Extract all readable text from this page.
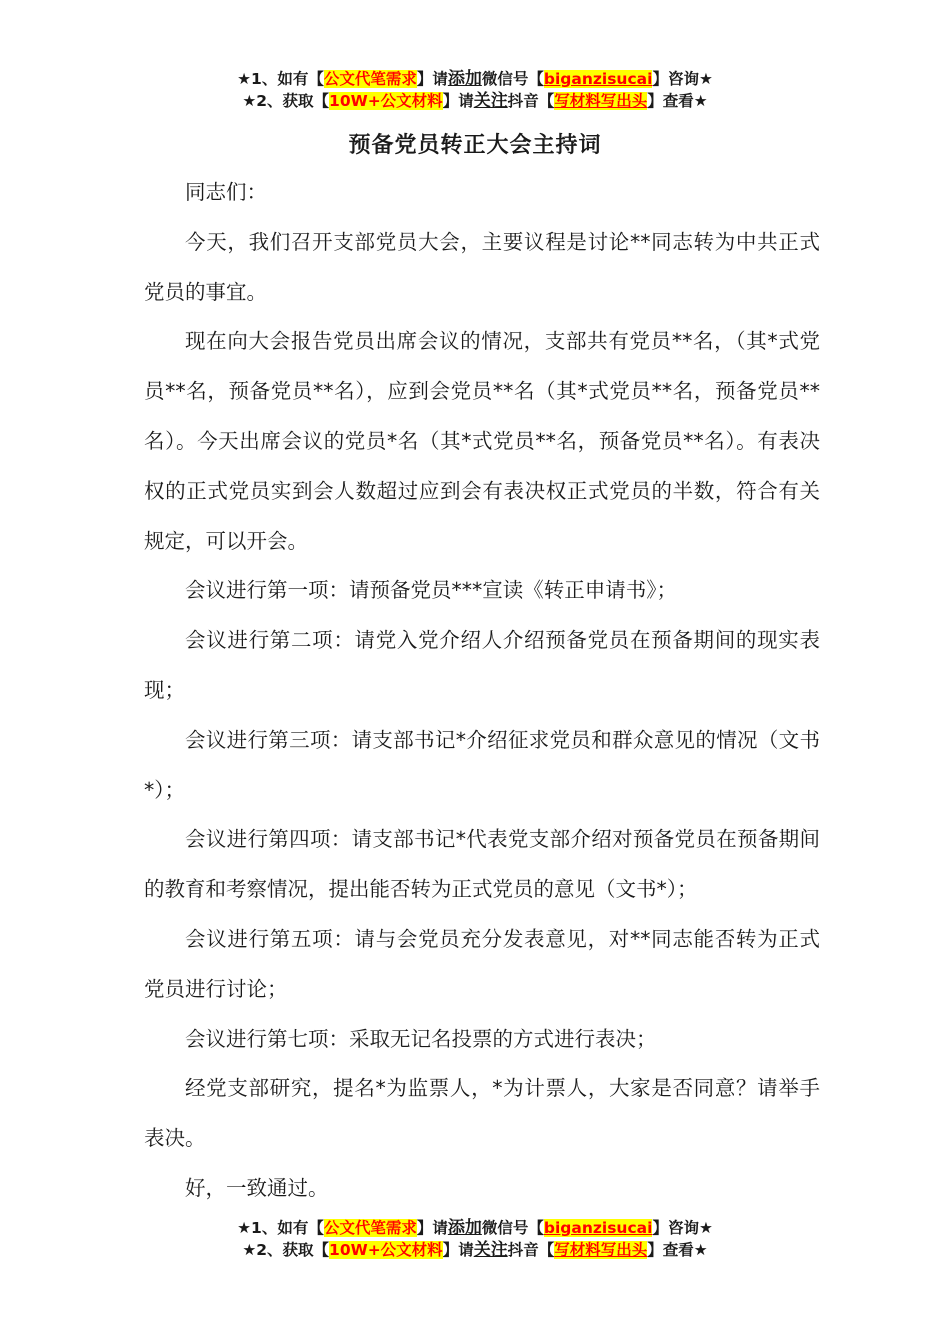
★1、如有【公文代笔需求】请添加微信号【biganzisucai】咨询★
★2、获取【10W+公文材料】请关注抖音【写材料写出头】查看★
预备党员转正大会主持词

同志们：

今天，我们召开支部党员大会，主要议程是讨论**同志转为中共正式党员的事宜。

现在向大会报告党员出席会议的情况，支部共有党员**名，（其*式党员**名，预备党员**名），应到会党员**名（其*式党员**名，预备党员**名）。今天出席会议的党员*名（其*式党员**名，预备党员**名）。有表决权的正式党员实到会人数超过应到会有表决权正式党员的半数，符合有关规定，可以开会。

会议进行第一项：请预备党员***宣读《转正申请书》；

会议进行第二项：请党入党介绍人介绍预备党员在预备期间的现实表现；

会议进行第三项：请支部书记*介绍征求党员和群众意见的情况（文书*）；

会议进行第四项：请支部书记*代表党支部介绍对预备党员在预备期间的教育和考察情况，提出能否转为正式党员的意见（文书*）；

会议进行第五项：请与会党员充分发表意见，对**同志能否转为正式党员进行讨论；

会议进行第七项：采取无记名投票的方式进行表决；

经党支部研究，提名*为监票人，*为计票人，大家是否同意？请举手表决。

好，一致通过。

★1、如有【公文代笔需求】请添加微信号【biganzisucai】咨询★
★2、获取【10W+公文材料】请关注抖音【写材料写出头】查看★
